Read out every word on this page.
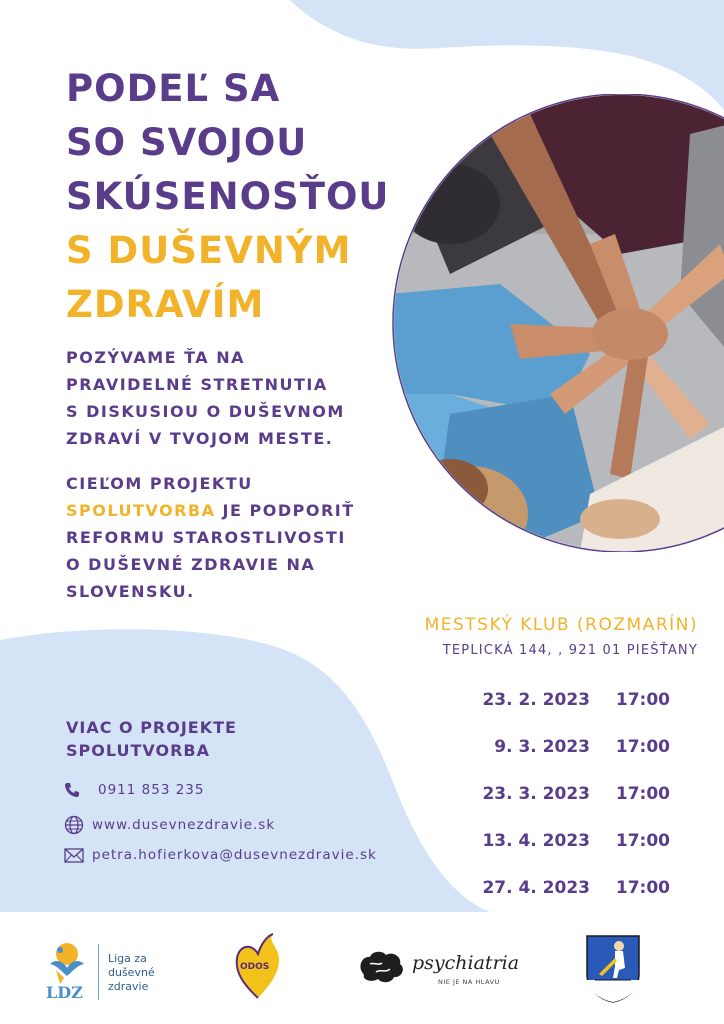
PODEĽ SA
SO SVOJOU
SKÚSENOSŤOU
S DUŠEVNÝM
ZDRAVÍM
POZÝVAME ŤA NA
PRAVIDELNÉ STRETNUTIA
S DISKUSIOU O DUŠEVNOM
ZDRAVÍ V TVOJOM MESTE.
CIEĽOM PROJEKTU
SPOLUTVORBA JE PODPORIŤ
REFORMU STAROSTLIVOSTI
O DUŠEVNÉ ZDRAVIE NA
SLOVENSKU.
MESTSKÝ KLUB (ROZMARÍN)
TEPLICKÁ 144, , 921 01 PIEŠŤANY
23. 2. 2023	17:00
9. 3. 2023	17:00
23. 3. 2023	17:00
13. 4. 2023	17:00
27. 4. 2023	17:00
VIAC O PROJEKTE
SPOLUTVORBA
0911 853 235
www.dusevnezdravie.sk
petra.hofierkova@dusevnezdravie.sk
LDZ
Liga za
duševné
zdravie
ODOS	psychiatria
NIE JE NA HLAVU
